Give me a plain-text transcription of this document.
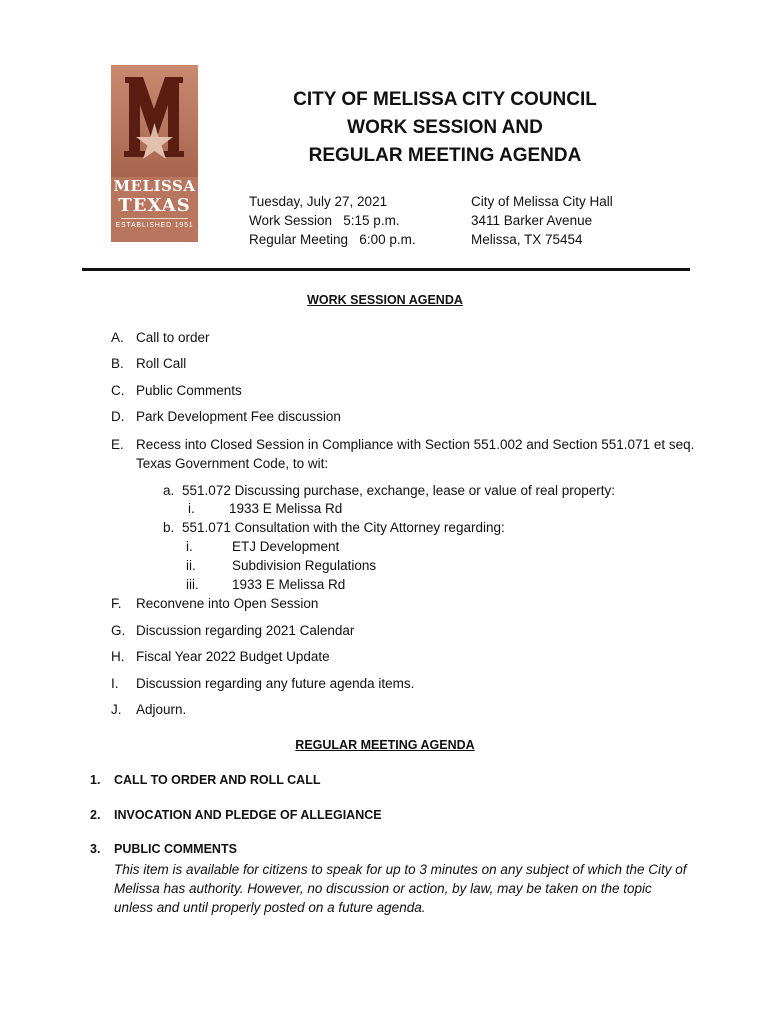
MELISSA
TEXAS
ESTABLISHED 1951
CITY OF MELISSA CITY COUNCIL
WORK SESSION AND
REGULAR MEETING AGENDA
Tuesday, July 27, 2021
Work Session   5:15 p.m.
Regular Meeting   6:00 p.m.
City of Melissa City Hall
3411 Barker Avenue
Melissa, TX 75454
WORK SESSION AGENDA
A. Call to order
B. Roll Call
C. Public Comments
D. Park Development Fee discussion
E. Recess into Closed Session in Compliance with Section 551.002 and Section 551.071 et seq. Texas Government Code, to wit:
a. 551.072 Discussing purchase, exchange, lease or value of real property:
i.	1933 E Melissa Rd
b. 551.071 Consultation with the City Attorney regarding:
i.	ETJ Development
ii.	Subdivision Regulations
iii. 1933 E Melissa Rd
F. Reconvene into Open Session
G. Discussion regarding 2021 Calendar
H. Fiscal Year 2022 Budget Update
I. Discussion regarding any future agenda items.
J. Adjourn.
REGULAR MEETING AGENDA
1. CALL TO ORDER AND ROLL CALL
2. INVOCATION AND PLEDGE OF ALLEGIANCE
3. PUBLIC COMMENTS
This item is available for citizens to speak for up to 3 minutes on any subject of which the City of Melissa has authority. However, no discussion or action, by law, may be taken on the topic unless and until properly posted on a future agenda.
